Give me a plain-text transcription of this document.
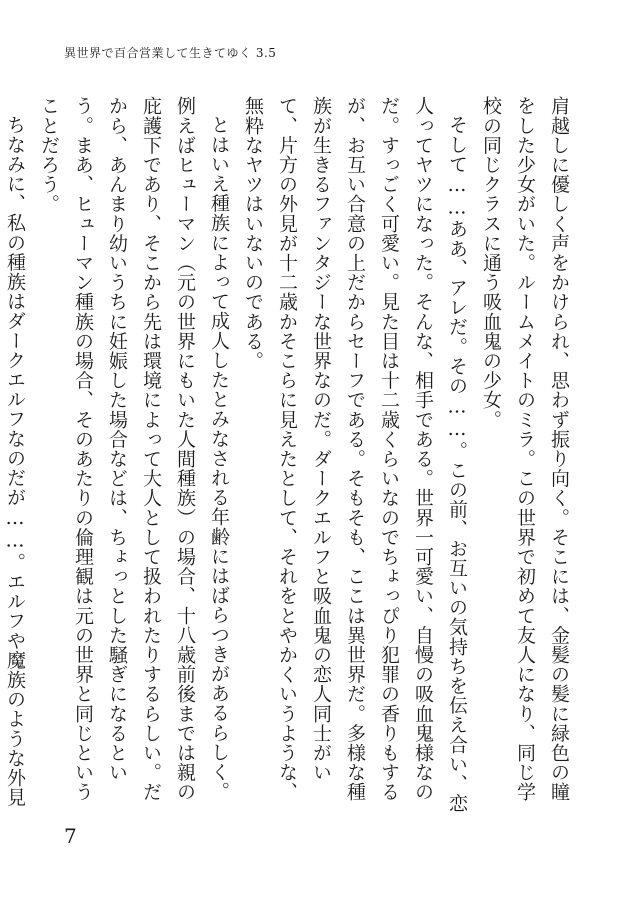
異世界で百合営業して生きてゆく 3.5

肩越しに優しく声をかけられ、思わず振り向く。そこには、金髪の髪に緑色の瞳をした少女がいた。ルームメイトのミラ。この世界で初めて友人になり、同じ学校の同じクラスに通う吸血鬼の少女。

そして……ああ、アレだ。その……。この前、お互いの気持ちを伝え合い、恋人ってヤツになった。そんな、相手である。世界一可愛い、自慢の吸血鬼様なのだ。すっごく可愛い。見た目は十二歳くらいなのでちょっぴり犯罪の香りもするが、お互い合意の上だからセーフである。そもそも、ここは異世界だ。多様な種族が生きるファンタジーな世界なのだ。ダークエルフと吸血鬼の恋人同士がいて、片方の外見が十二歳かそこらに見えたとして、それをとやかくいうような、無粋なヤツはいないのである。

とはいえ種族によって成人したとみなされる年齢にはばらつきがあるらしく。例えばヒューマン（元の世界にもいた人間種族）の場合、十八歳前後までは親の庇護下であり、そこから先は環境によって大人として扱われたりするらしい。だから、あんまり幼いうちに妊娠した場合などは、ちょっとした騒ぎになるという。まあ、ヒューマン種族の場合、そのあたりの倫理観は元の世界と同じということだろう。

ちなみに、私の種族はダークエルフなのだが……。エルフや魔族のような外見

7
